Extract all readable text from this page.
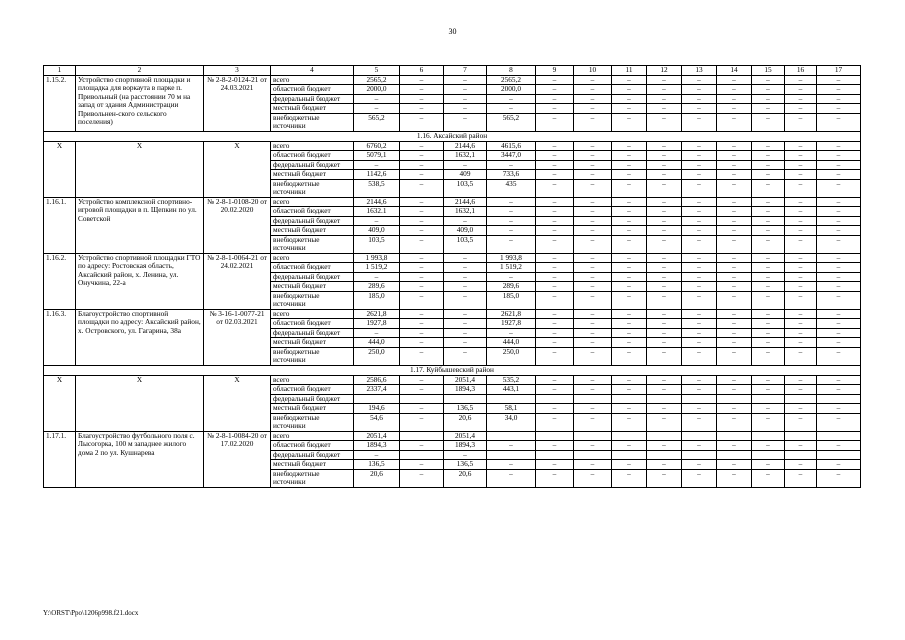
30
1	2	3	4	5	6	7	8	9	10	11	12	13	14	15	16	17
1.15.2.	Устройство спортивной площадки и площадка для воркаута в парке п. Привольный (на расстоянии 70 м на запад от здания Администрации Привольнен-ского сельского поселения)	№ 2-8-2-0124-21 от 24.03.2021	всего	2565,2	–	–	2565,2	–	–	–	–	–	–	–	–	–
			областной бюджет	2000,0	–	–	2000,0	–	–	–	–	–	–	–	–	–
			федеральный бюджет	–	–	–	–	–	–	–	–	–	–	–	–	–
			местный бюджет	–	–	–	–	–	–	–	–	–	–	–	–	–
			внебюджетные источники	565,2	–	–	565,2	–	–	–	–	–	–	–	–	–
1.16. Аксайский район																
Х	Х	Х	всего	6760,2	–	2144,6	4615,6	–	–	–	–	–	–	–	–	–
			областной бюджет	5079,1	–	1632,1	3447,0	–	–	–	–	–	–	–	–	–
			федеральный бюджет	–	–	–	–	–	–	–	–	–	–	–	–	–
			местный бюджет	1142,6	–	409	733,6	–	–	–	–	–	–	–	–	–
			внебюджетные источники	538,5	–	103,5	435	–	–	–	–	–	–	–	–	–
1.16.1.	Устройство комплексной спортивно-игровой площадки в п. Щепкин по ул. Советской	№ 2-8-1-0108-20 от 20.02.2020	всего	2144,6	–	2144,6	–	–	–	–	–	–	–	–	–	–
			областной бюджет	1632.1	–	1632,1	–	–	–	–	–	–	–	–	–	–
			федеральный бюджет	–	–	–	–	–	–	–	–	–	–	–	–	–
			местный бюджет	409,0	–	409,0	–	–	–	–	–	–	–	–	–	–
			внебюджетные источники	103,5	–	103,5	–	–	–	–	–	–	–	–	–	–
1.16.2.	Устройство спортивной площадки ГТО по адресу: Ростовская область, Аксайский район, х. Ленина, ул. Онучкина, 22-а	№ 2-8-1-0064-21 от 24.02.2021	всего	1 993,8	–	–	1 993,8	–	–	–	–	–	–	–	–	–
			областной бюджет	1 519,2	–	–	1 519,2	–	–	–	–	–	–	–	–	–
			федеральный бюджет	–	–	–	–	–	–	–	–	–	–	–	–	–
			местный бюджет	289,6	–	–	289,6	–	–	–	–	–	–	–	–	–
			внебюджетные источники	185,0	–	–	185,0	–	–	–	–	–	–	–	–	–
1.16.3.	Благоустройство спортивной площадки по адресу: Аксайский район, х. Островского, ул. Гагарина, 38а	№ 3-16-1-0077-21 от 02.03.2021	всего	2621,8	–	–	2621,8	–	–	–	–	–	–	–	–	–
			областной бюджет	1927,8	–	–	1927,8	–	–	–	–	–	–	–	–	–
			федеральный бюджет	–	–	–	–	–	–	–	–	–	–	–	–	–
			местный бюджет	444,0	–	–	444,0	–	–	–	–	–	–	–	–	–
			внебюджетные источники	250,0	–	–	250,0	–	–	–	–	–	–	–	–	–
1.17. Куйбышевский район																
Х	Х	Х	всего	2586,6	–	2051,4	535,2	–	–	–	–	–	–	–	–	–
			областной бюджет	2337,4	–	1894,3	443,1	–	–	–	–	–	–	–	–	–
			федеральный бюджет													
			местный бюджет	194,6	–	136,5	58,1	–	–	–	–	–	–	–	–	–
			внебюджетные источники	54,6	–	20,6	34,0	–	–	–	–	–	–	–	–	–
1.17.1.	Благоустройство футбольного поля с. Лысогорка, 100 м западнее жилого дома 2 по ул. Кушнарева	№ 2-8-1-0084-20 от 17.02.2020	всего	2051,4		2051,4										
			областной бюджет	1894,3	–	1894,3	–	–	–	–	–	–	–	–	–	–
			федеральный бюджет	–		–										
			местный бюджет	136,5	–	136,5	–	–	–	–	–	–	–	–	–	–
			внебюджетные источники	20,6	–	20,6	–	–	–	–	–	–	–	–	–	–
Y:\ORST\Ppo\1206p998.f21.docx
